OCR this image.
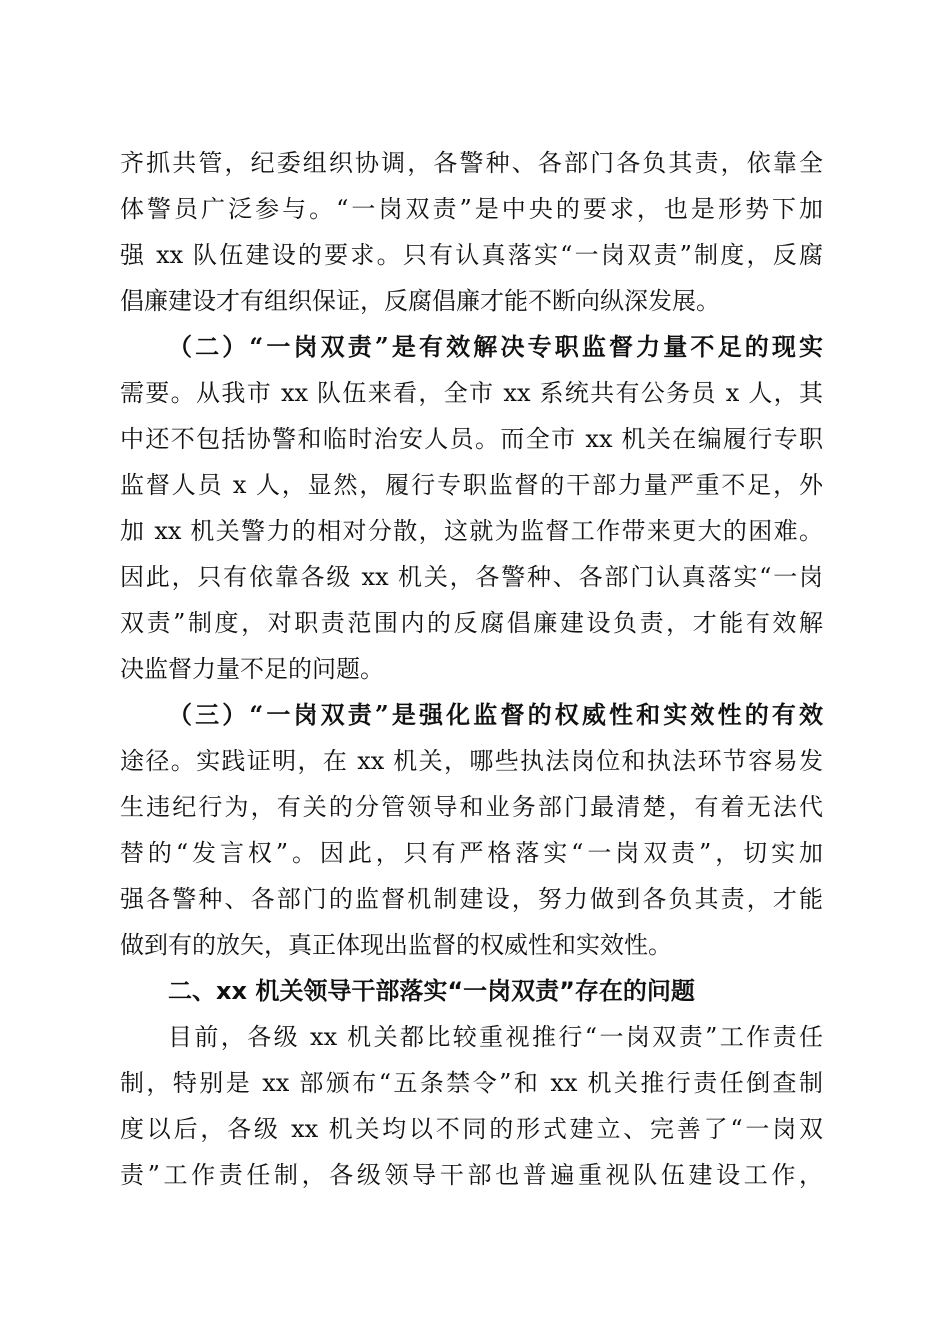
齐抓共管，纪委组织协调，各警种、各部门各负其责，依靠全
体警员广泛参与。“一岗双责”是中央的要求，也是形势下加
强 xx 队伍建设的要求。只有认真落实“一岗双责”制度，反腐
倡廉建设才有组织保证，反腐倡廉才能不断向纵深发展。
（二）“一岗双责”是有效解决专职监督力量不足的现实
需要。从我市 xx 队伍来看，全市 xx 系统共有公务员 x 人，其
中还不包括协警和临时治安人员。而全市 xx 机关在编履行专职
监督人员 x 人，显然，履行专职监督的干部力量严重不足，外
加 xx 机关警力的相对分散，这就为监督工作带来更大的困难。
因此，只有依靠各级 xx 机关，各警种、各部门认真落实“一岗
双责”制度，对职责范围内的反腐倡廉建设负责，才能有效解
决监督力量不足的问题。
（三）“一岗双责”是强化监督的权威性和实效性的有效
途径。实践证明，在 xx 机关，哪些执法岗位和执法环节容易发
生违纪行为，有关的分管领导和业务部门最清楚，有着无法代
替的“发言权”。因此，只有严格落实“一岗双责”，切实加
强各警种、各部门的监督机制建设，努力做到各负其责，才能
做到有的放矢，真正体现出监督的权威性和实效性。
二、xx 机关领导干部落实“一岗双责”存在的问题
目前，各级 xx 机关都比较重视推行“一岗双责”工作责任
制，特别是 xx 部颁布“五条禁令”和 xx 机关推行责任倒查制
度以后，各级 xx 机关均以不同的形式建立、完善了“一岗双
责”工作责任制，各级领导干部也普遍重视队伍建设工作，
